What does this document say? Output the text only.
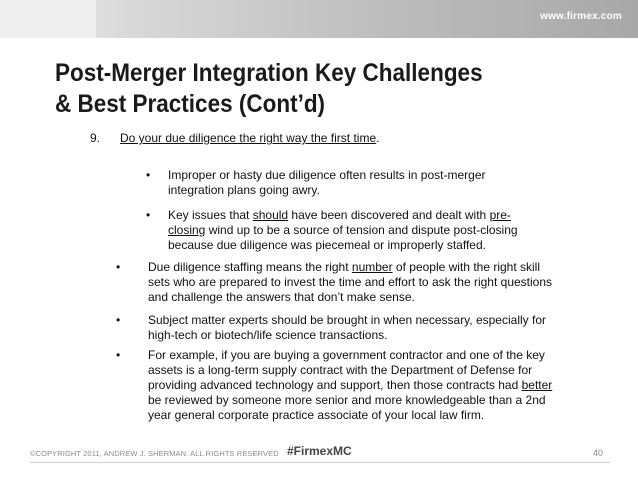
www.firmex.com
Post-Merger Integration Key Challenges
& Best Practices (Cont’d)
9. Do your due diligence the right way the first time.
• Improper or hasty due diligence often results in post-merger
integration plans going awry.
• Key issues that should have been discovered and dealt with pre-
closing wind up to be a source of tension and dispute post-closing
because due diligence was piecemeal or improperly staffed.
• Due diligence staffing means the right number of people with the right skill
sets who are prepared to invest the time and effort to ask the right questions
and challenge the answers that don’t make sense.
• Subject matter experts should be brought in when necessary, especially for
high-tech or biotech/life science transactions.
• For example, if you are buying a government contractor and one of the key
assets is a long-term supply contract with the Department of Defense for
providing advanced technology and support, then those contracts had better
be reviewed by someone more senior and more knowledgeable than a 2nd
year general corporate practice associate of your local law firm.
©COPYRIGHT 2011, ANDREW J. SHERMAN. ALL RIGHTS RESERVED #FirmexMC	40
